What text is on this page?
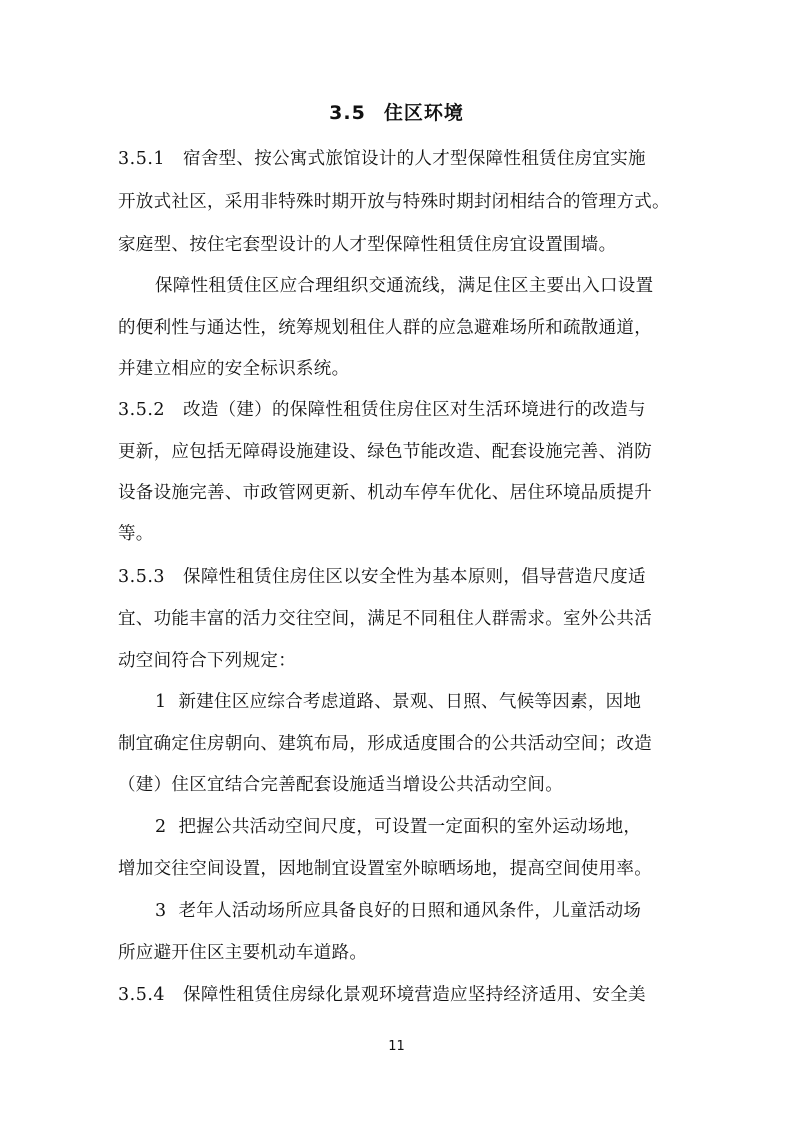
3.5 住区环境
3.5.1 宿舍型、按公寓式旅馆设计的人才型保障性租赁住房宜实施
开放式社区，采用非特殊时期开放与特殊时期封闭相结合的管理方式。
家庭型、按住宅套型设计的人才型保障性租赁住房宜设置围墙。
保障性租赁住区应合理组织交通流线，满足住区主要出入口设置
的便利性与通达性，统筹规划租住人群的应急避难场所和疏散通道，
并建立相应的安全标识系统。
3.5.2 改造（建）的保障性租赁住房住区对生活环境进行的改造与
更新，应包括无障碍设施建设、绿色节能改造、配套设施完善、消防
设备设施完善、市政管网更新、机动车停车优化、居住环境品质提升
等。
3.5.3 保障性租赁住房住区以安全性为基本原则，倡导营造尺度适
宜、功能丰富的活力交往空间，满足不同租住人群需求。室外公共活
动空间符合下列规定：
1 新建住区应综合考虑道路、景观、日照、气候等因素，因地
制宜确定住房朝向、建筑布局，形成适度围合的公共活动空间；改造
（建）住区宜结合完善配套设施适当增设公共活动空间。
2 把握公共活动空间尺度，可设置一定面积的室外运动场地，
增加交往空间设置，因地制宜设置室外晾晒场地，提高空间使用率。
3 老年人活动场所应具备良好的日照和通风条件，儿童活动场
所应避开住区主要机动车道路。
3.5.4 保障性租赁住房绿化景观环境营造应坚持经济适用、安全美
11
